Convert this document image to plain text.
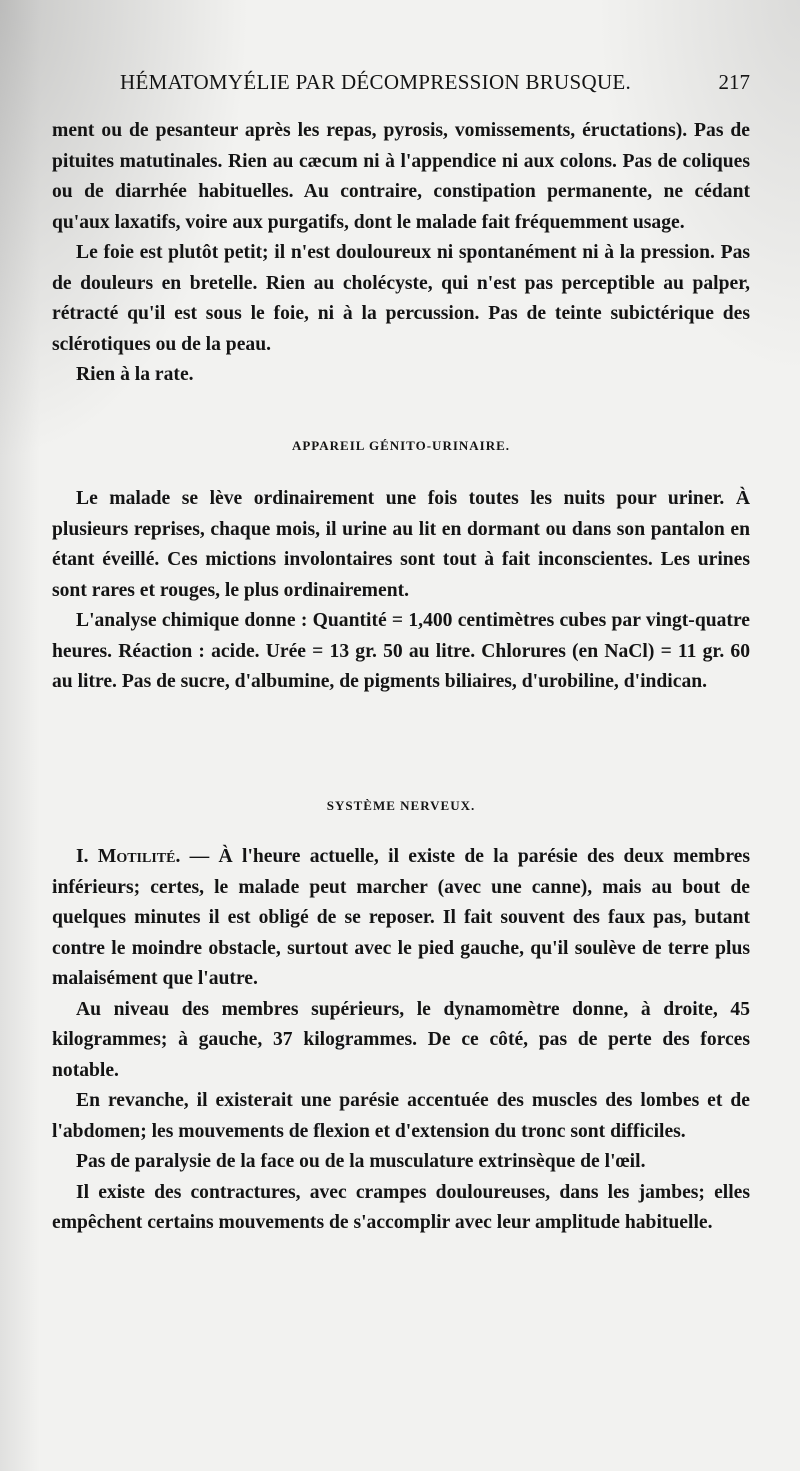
HÉMATOMYÉLIE PAR DÉCOMPRESSION BRUSQUE.	217

ment ou de pesanteur après les repas, pyrosis, vomissements, éructations). Pas de pituites matutinales. Rien au cæcum ni à l'appendice ni aux colons. Pas de coliques ou de diarrhée habituelles. Au contraire, constipation permanente, ne cédant qu'aux laxatifs, voire aux purgatifs, dont le malade fait fréquemment usage.

Le foie est plutôt petit; il n'est douloureux ni spontanément ni à la pression. Pas de douleurs en bretelle. Rien au cholécyste, qui n'est pas perceptible au palper, rétracté qu'il est sous le foie, ni à la percussion. Pas de teinte subictérique des sclérotiques ou de la peau.

Rien à la rate.

APPAREIL GÉNITO-URINAIRE.

Le malade se lève ordinairement une fois toutes les nuits pour uriner. À plusieurs reprises, chaque mois, il urine au lit en dormant ou dans son pantalon en étant éveillé. Ces mictions involontaires sont tout à fait inconscientes. Les urines sont rares et rouges, le plus ordinairement.

L'analyse chimique donne : Quantité = 1,400 centimètres cubes par vingt-quatre heures. Réaction : acide. Urée = 13 gr. 50 au litre. Chlorures (en NaCl) = 11 gr. 60 au litre. Pas de sucre, d'albumine, de pigments biliaires, d'urobiline, d'indican.

SYSTÈME NERVEUX.

I. Motilité. — À l'heure actuelle, il existe de la parésie des deux membres inférieurs; certes, le malade peut marcher (avec une canne), mais au bout de quelques minutes il est obligé de se reposer. Il fait souvent des faux pas, butant contre le moindre obstacle, surtout avec le pied gauche, qu'il soulève de terre plus malaisément que l'autre.

Au niveau des membres supérieurs, le dynamomètre donne, à droite, 45 kilogrammes; à gauche, 37 kilogrammes. De ce côté, pas de perte des forces notable.

En revanche, il existerait une parésie accentuée des muscles des lombes et de l'abdomen; les mouvements de flexion et d'extension du tronc sont difficiles.

Pas de paralysie de la face ou de la musculature extrinsèque de l'œil.

Il existe des contractures, avec crampes douloureuses, dans les jambes; elles empêchent certains mouvements de s'accomplir avec leur amplitude habituelle.
